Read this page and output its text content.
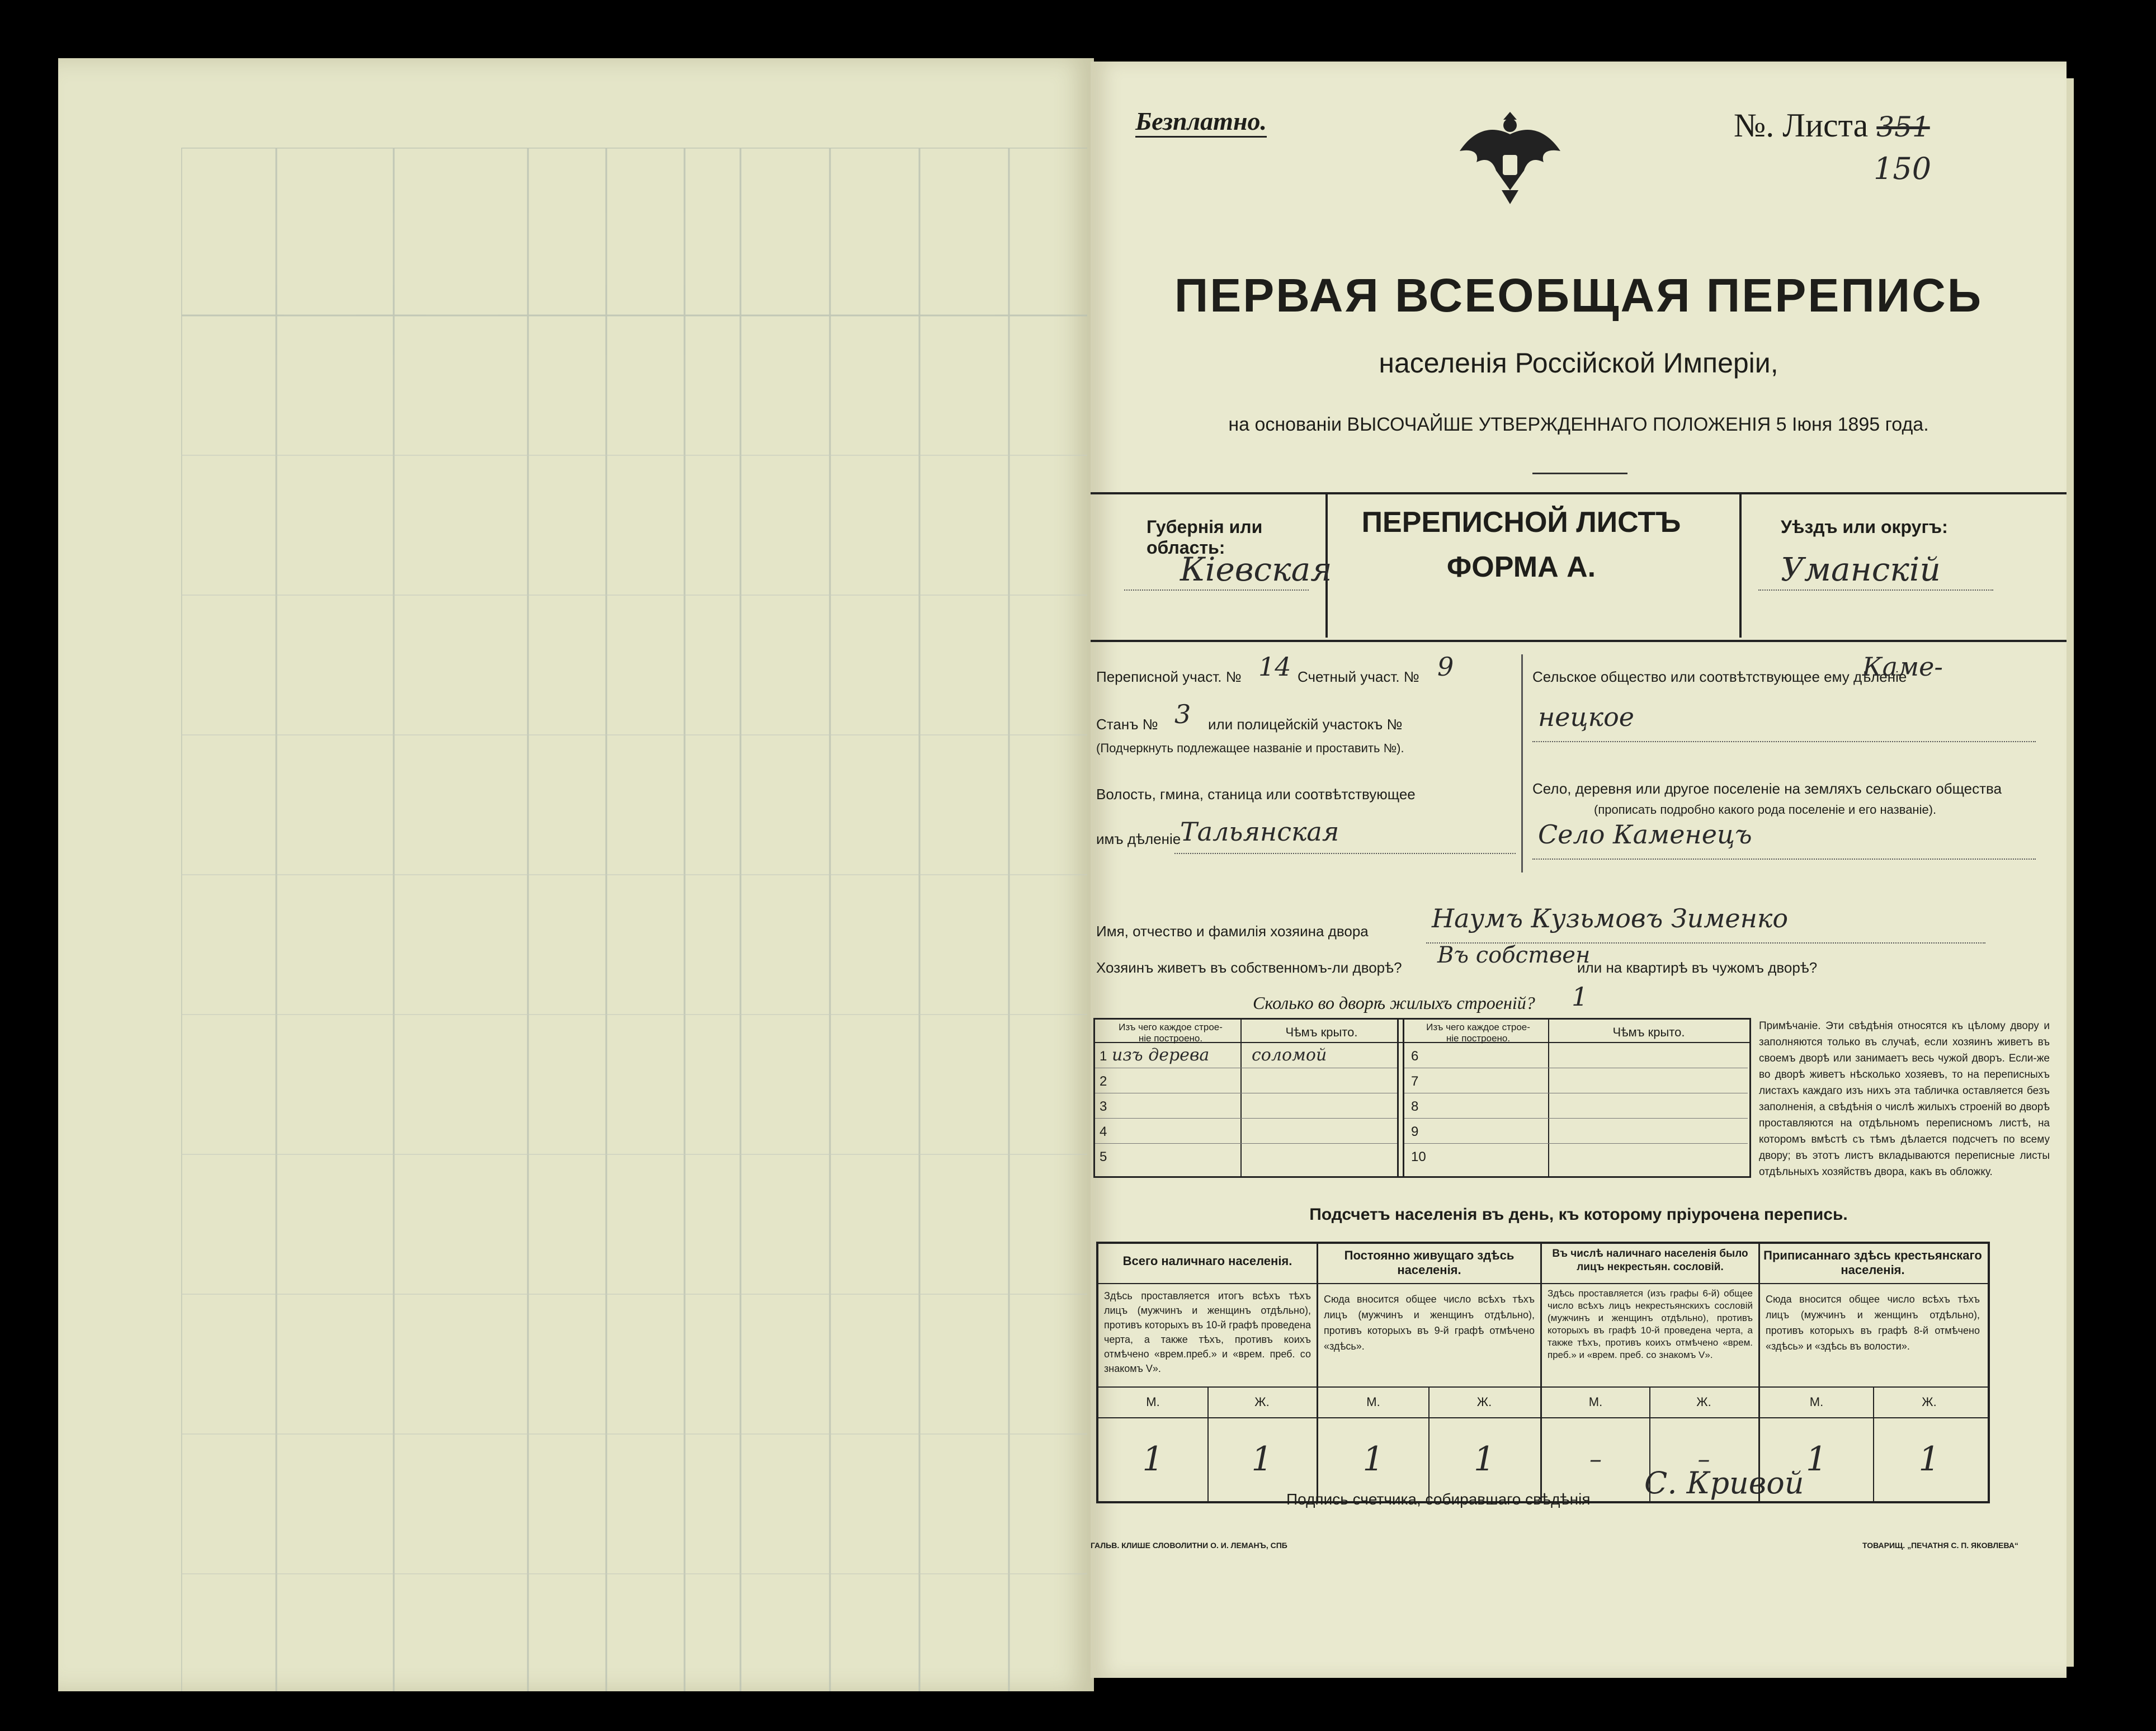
Безплатно.	№. Листа 351
150
ПЕРВАЯ ВСЕОБЩАЯ ПЕРЕПИСЬ
населенія Россійской Имперіи,
на основаніи ВЫСОЧАЙШЕ УТВЕРЖДЕННАГО ПОЛОЖЕНІЯ 5 Іюня 1895 года.
Губернія или область:
Кіевская
ПЕРЕПИСНОЙ ЛИСТЪ
ФОРМА А.
Уѣздъ или округъ:
Уманскій
Переписной участ. № 14 Счетный участ. № 9
Станъ № 3 или полицейскій участокъ №
(Подчеркнуть подлежащее названіе и проставить №).
Волость, гмина, станица или соотвѣтствующее
имъ дѣленіе
Тальянская
Сельское общество или соотвѣтствующее ему дѣленіе
Каме-
нецкое
Село, деревня или другое поселеніе на земляхъ сельскаго общества
(прописать подробно какого рода поселеніе и его названіе).
Село Каменецъ
Имя, отчество и фамилія хозяина двора Наумъ Кузьмовъ Зименко
Хозяинъ живетъ въ собственномъ-ли дворѣ? Въ собствен
или на квартирѣ въ чужомъ дворѣ?
Сколько во дворѣ жилыхъ строеній? 1
Изъ чего каждое строе-
ніе построено.	Чѣмъ крыто.	Изъ чего каждое строе-
ніе построено.	Чѣмъ крыто.
1 изъ дерева	соломой
2
3
4
5
6
7
8
9
10
Примѣчаніе. Эти свѣдѣнія относятся къ цѣлому двору и заполняются только въ случаѣ, если хозяинъ живетъ въ своемъ дворѣ или занимаетъ весь чужой дворъ. Если-же во дворѣ живетъ нѣсколько хозяевъ, то на переписныхъ листахъ каждаго изъ нихъ эта табличка оставляется безъ заполненія, а свѣдѣнія о числѣ жилыхъ строеній во дворѣ проставляются на отдѣльномъ переписномъ листѣ, на которомъ вмѣстѣ съ тѣмъ дѣлается подсчетъ по всему двору; въ этотъ листъ вкладываются переписные листы отдѣльныхъ хозяйствъ двора, какъ въ обложку.
Подсчетъ населенія въ день, къ которому пріурочена перепись.
Всего наличнаго населенія.
Здѣсь проставляется итогъ всѣхъ тѣхъ лицъ (мужчинъ и женщинъ отдѣльно), противъ которыхъ въ 10-й графѣ проведена черта, а также тѣхъ, противъ коихъ отмѣчено «врем.преб.» и «врем. преб. со знакомъ V».
М.	Ж.
1	1
Постоянно живущаго здѣсь населенія.
Сюда вносится общее число всѣхъ тѣхъ лицъ (мужчинъ и женщинъ отдѣльно), противъ которыхъ въ 9-й графѣ отмѣчено «здѣсь».
М.	Ж.
1	1
Въ числѣ наличнаго населенія было лицъ некрестьян. сословій.
Здѣсь проставляется (изъ графы 6-й) общее число всѣхъ лицъ некрестьянскихъ сословій (мужчинъ и женщинъ отдѣльно), противъ которыхъ въ графѣ 10-й проведена черта, а также тѣхъ, противъ коихъ отмѣчено «врем. преб.» и «врем. преб. со знакомъ V».
М.	Ж.
–	–
Приписаннаго здѣсь крестьянскаго населенія.
Сюда вносится общее число всѣхъ тѣхъ лицъ (мужчинъ и женщинъ отдѣльно), противъ которыхъ въ графѣ 8-й отмѣчено «здѣсь» и «здѣсь въ волости».
М.	Ж.
1	1
Подпись счетчика, собиравшаго свѣдѣнія С. Кривой
ГАЛЬВ. КЛИШЕ СЛОВОЛИТНИ О. И. ЛЕМАНЪ, СПБ	ТОВАРИЩ. „ПЕЧАТНЯ С. П. ЯКОВЛЕВА“
